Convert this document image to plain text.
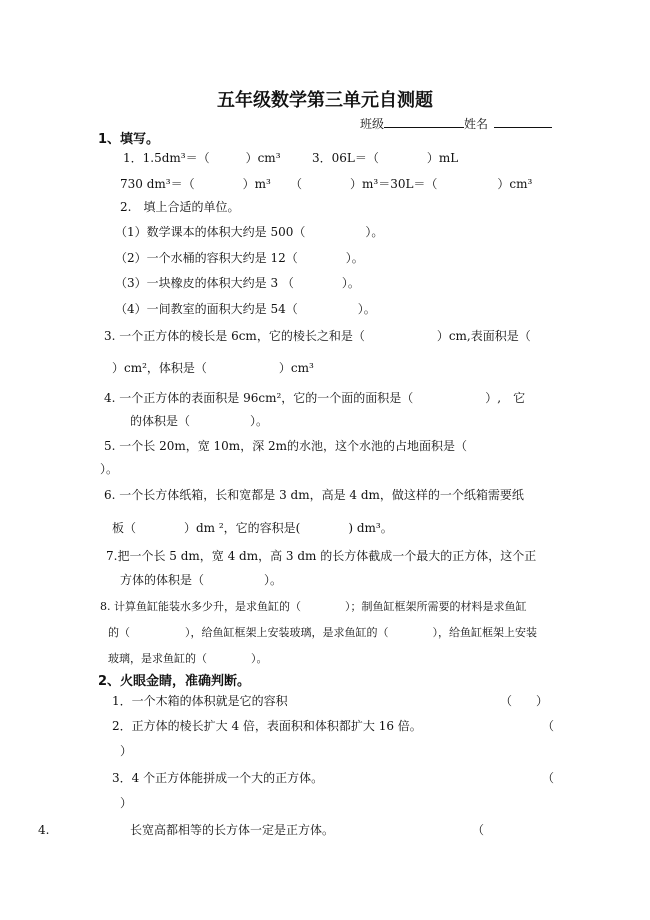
五年级数学第三单元自测题
班级	姓名
1、填写。
1．1.5dm³＝（　　　）cm³	3．06L＝（　　　　）mL
730 dm³＝（　　　　）m³ （　　　　）m³＝30L＝（　　　　　）cm³
2.　填上合适的单位。
（1）数学课本的体积大约是 500（　　　　　）。
（2）一个水桶的容积大约是 12（　　　　）。
（3）一块橡皮的体积大约是 3 （　　　　）。
（4）一间教室的面积大约是 54（　　　　　）。
3. 一个正方体的棱长是 6cm，它的棱长之和是（　　　　　　）cm,表面积是（
）cm²，体积是（　　　　　　）cm³
4. 一个正方体的表面积是 96cm²，它的一个面的面积是（　　　　　　）,　它
的体积是（　　　　　）。
5. 一个长 20m，宽 10m，深 2m的水池，这个水池的占地面积是（
）。
6. 一个长方体纸箱，长和宽都是 3 dm，高是 4 dm，做这样的一个纸箱需要纸
板（　　　　）dm ²，它的容积是(　　　　) dm³。
7.把一个长 5 dm，宽 4 dm，高 3 dm 的长方体截成一个最大的正方体，这个正
方体的体积是（　　　　　）。
8. 计算鱼缸能装水多少升，是求鱼缸的（　　　　）；制鱼缸框架所需要的材料是求鱼缸
的（　　　　　），给鱼缸框架上安装玻璃，是求鱼缸的（　　　　），给鱼缸框架上安装
玻璃，是求鱼缸的（　　　　）。
2、火眼金睛，准确判断。
1．一个木箱的体积就是它的容积	（　　）
2．正方体的棱长扩大 4 倍，表面积和体积都扩大 16 倍。	（
）
3．4 个正方体能拼成一个大的正方体。	（
）
4.	长宽高都相等的长方体一定是正方体。	（
